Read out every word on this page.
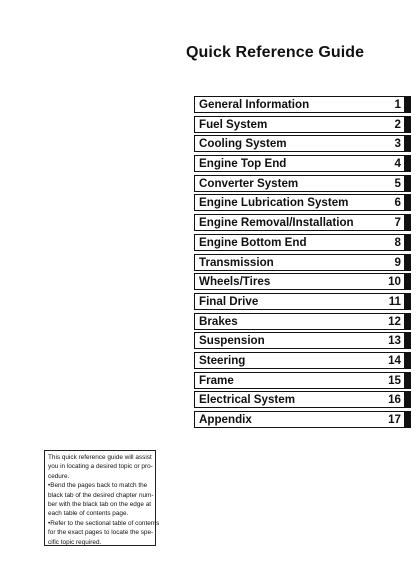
Quick Reference Guide
General Information	1
Fuel System	2
Cooling System	3
Engine Top End	4
Converter System	5
Engine Lubrication System	6
Engine Removal/Installation	7
Engine Bottom End	8
Transmission	9
Wheels/Tires	10
Final Drive	11
Brakes	12
Suspension	13
Steering	14
Frame	15
Electrical System	16
Appendix	17
This quick reference guide will assist
you in locating a desired topic or pro-
cedure.
•Bend the pages back to match the
black tab of the desired chapter num-
ber with the black tab on the edge at
each table of contents page.
•Refer to the sectional table of contents
for the exact pages to locate the spe-
cific topic required.
